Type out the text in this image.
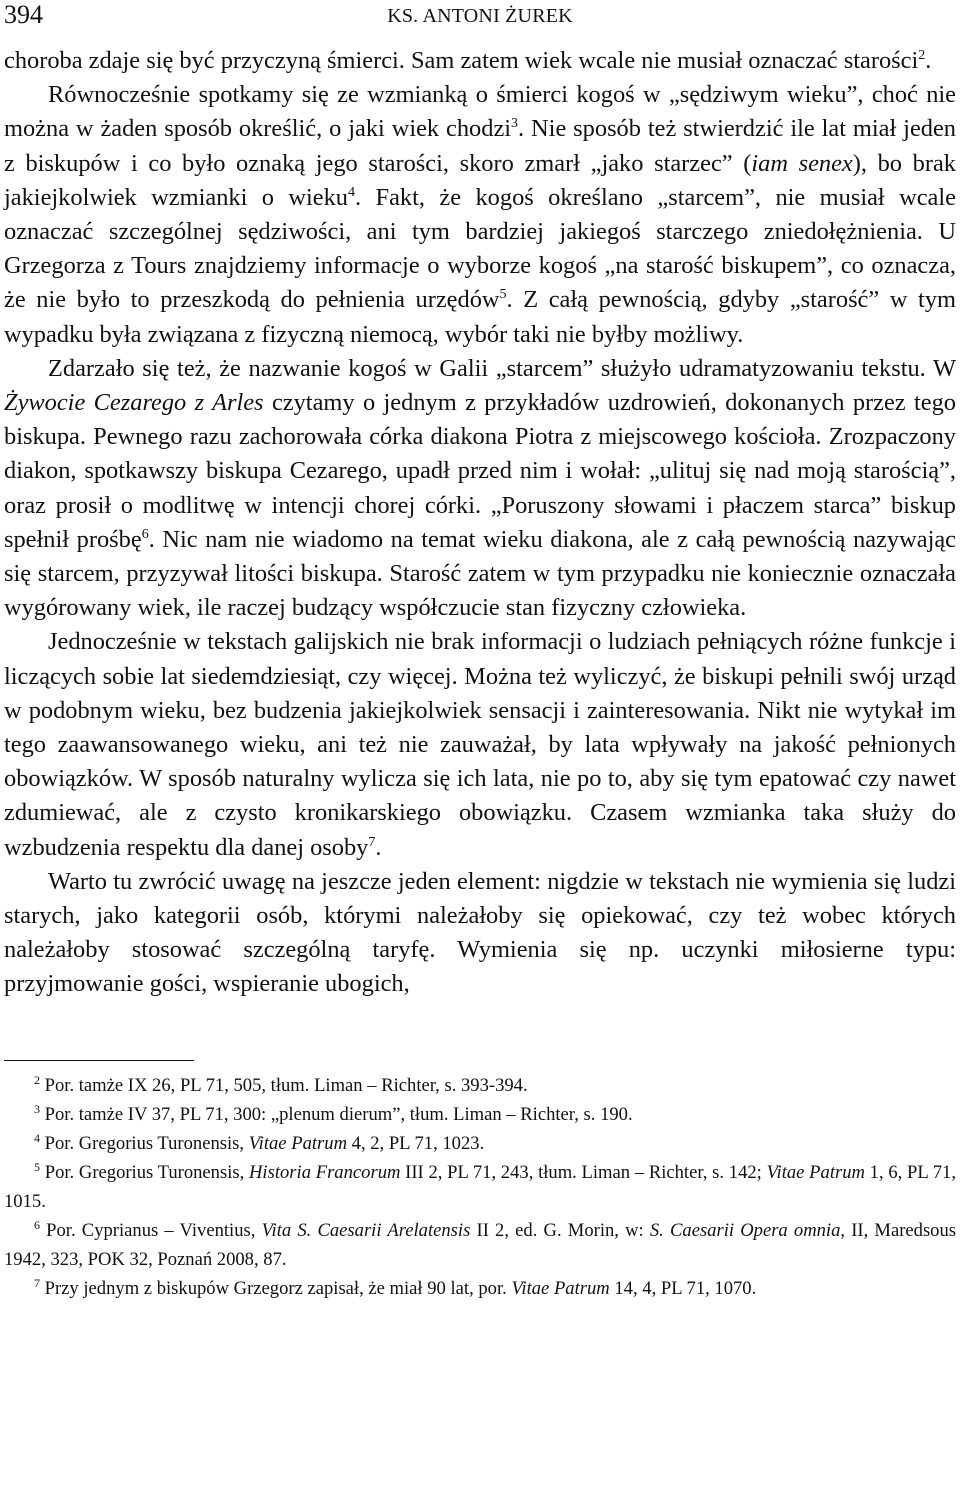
394	KS. ANTONI ŻUREK

choroba zdaje się być przyczyną śmierci. Sam zatem wiek wcale nie musiał oznaczać starości$^2$.

Równocześnie spotkamy się ze wzmianką o śmierci kogoś w „sędziwym wieku”, choć nie można w żaden sposób określić, o jaki wiek chodzi$^3$. Nie sposób też stwierdzić ile lat miał jeden z biskupów i co było oznaką jego starości, skoro zmarł „jako starzec” (iam senex), bo brak jakiejkolwiek wzmianki o wieku$^4$. Fakt, że kogoś określano „starcem”, nie musiał wcale oznaczać szczególnej sędziwości, ani tym bardziej jakiegoś starczego zniedołężnienia. U Grzegorza z Tours znajdziemy informacje o wyborze kogoś „na starość biskupem”, co oznacza, że nie było to przeszkodą do pełnienia urzędów$^5$. Z całą pewnością, gdyby „starość” w tym wypadku była związana z fizyczną niemocą, wybór taki nie byłby możliwy.

Zdarzało się też, że nazwanie kogoś w Galii „starcem” służyło udramatyzowaniu tekstu. W Żywocie Cezarego z Arles czytamy o jednym z przykładów uzdrowień, dokonanych przez tego biskupa. Pewnego razu zachorowała córka diakona Piotra z miejscowego kościoła. Zrozpaczony diakon, spotkawszy biskupa Cezarego, upadł przed nim i wołał: „ulituj się nad moją starością”, oraz prosił o modlitwę w intencji chorej córki. „Poruszony słowami i płaczem starca” biskup spełnił prośbę$^6$. Nic nam nie wiadomo na temat wieku diakona, ale z całą pewnością nazywając się starcem, przyzywał litości biskupa. Starość zatem w tym przypadku nie koniecznie oznaczała wygórowany wiek, ile raczej budzący współczucie stan fizyczny człowieka.

Jednocześnie w tekstach galijskich nie brak informacji o ludziach pełniących różne funkcje i liczących sobie lat siedemdziesiąt, czy więcej. Można też wyliczyć, że biskupi pełnili swój urząd w podobnym wieku, bez budzenia jakiejkolwiek sensacji i zainteresowania. Nikt nie wytykał im tego zaawansowanego wieku, ani też nie zauważał, by lata wpływały na jakość pełnionych obowiązków. W sposób naturalny wylicza się ich lata, nie po to, aby się tym epatować czy nawet zdumiewać, ale z czysto kronikarskiego obowiązku. Czasem wzmianka taka służy do wzbudzenia respektu dla danej osoby$^7$.

Warto tu zwrócić uwagę na jeszcze jeden element: nigdzie w tekstach nie wymienia się ludzi starych, jako kategorii osób, którymi należałoby się opiekować, czy też wobec których należałoby stosować szczególną taryfę. Wymienia się np. uczynki miłosierne typu: przyjmowanie gości, wspieranie ubogich,

$^2$ Por. tamże IX 26, PL 71, 505, tłum. Liman – Richter, s. 393-394.

$^3$ Por. tamże IV 37, PL 71, 300: „plenum dierum”, tłum. Liman – Richter, s. 190.

$^4$ Por. Gregorius Turonensis, Vitae Patrum 4, 2, PL 71, 1023.

$^5$ Por. Gregorius Turonensis, Historia Francorum III 2, PL 71, 243, tłum. Liman – Richter, s. 142; Vitae Patrum 1, 6, PL 71, 1015.

$^6$ Por. Cyprianus – Viventius, Vita S. Caesarii Arelatensis II 2, ed. G. Morin, w: S. Caesarii Opera omnia, II, Maredsous 1942, 323, POK 32, Poznań 2008, 87.

$^7$ Przy jednym z biskupów Grzegorz zapisał, że miał 90 lat, por. Vitae Patrum 14, 4, PL 71, 1070.
